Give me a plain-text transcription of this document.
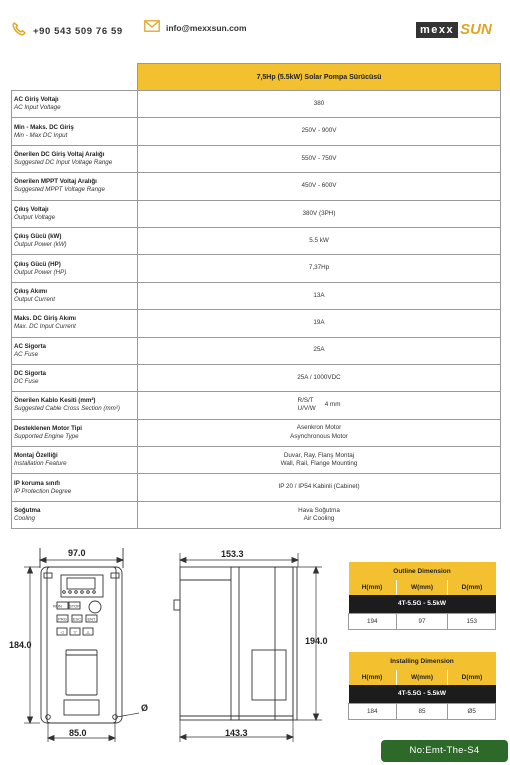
+90 543 509 76 59	info@mexxsun.com	mexx SUN
	7,5Hp (5.5kW) Solar Pompa Sürücüsü

AC Giriş Voltajı
AC Input Voltage	380

Min - Maks. DC Giriş
Min - Max DC Input	250V - 900V

Önerilen DC Giriş Voltaj Aralığı
Suggested DC Input Voltage Range	550V - 750V

Önerilen MPPT Voltaj Aralığı
Suggested MPPT Voltage Range	450V - 600V

Çıkış Voltajı
Output Voltage	380V (3PH)

Çıkış Gücü (kW)
Output Power (kW)	5.5 kW

Çıkış Gücü (HP)
Output Power (HP)	7,37Hp

Çıkış Akımı
Output Current	13A

Maks. DC Giriş Akımı
Max. DC Input Current	19A

AC Sigorta
AC Fuse	25A

DC Sigorta
DC Fuse	25A / 1000VDC

Önerilen Kablo Kesiti (mm²)
Suggested Cable Cross Section (mm²)	R/S/T
U/V/W
4 mm

Desteklenen Motor Tipi
Supported Engine Type	Asenkron Motor
Asynchronous Motor

Montaj Özelliği
Installation Feature	Duvar, Ray, Flanş Montaj
Wall, Rail, Flange Mounting

IP koruma sınıfı
IP Protection Degree	IP 20 / IP54 Kabinli (Cabinet)

Soğutma
Cooling	Hava Soğutma
Air Cooling
RUN STOP
PRG ESC ENT
◁ ▽ △
97.0
184.0
85.0
Ø
153.3
194.0
143.3
Outline Dimension		
H(mm)	W(mm)	D(mm)
4T-5.5G - 5.5kW		
194	97	153
Installing Dimension		
H(mm)	W(mm)	D(mm)
4T-5.5G - 5.5kW		
184	85	Ø5
No:Emt-The-S4
